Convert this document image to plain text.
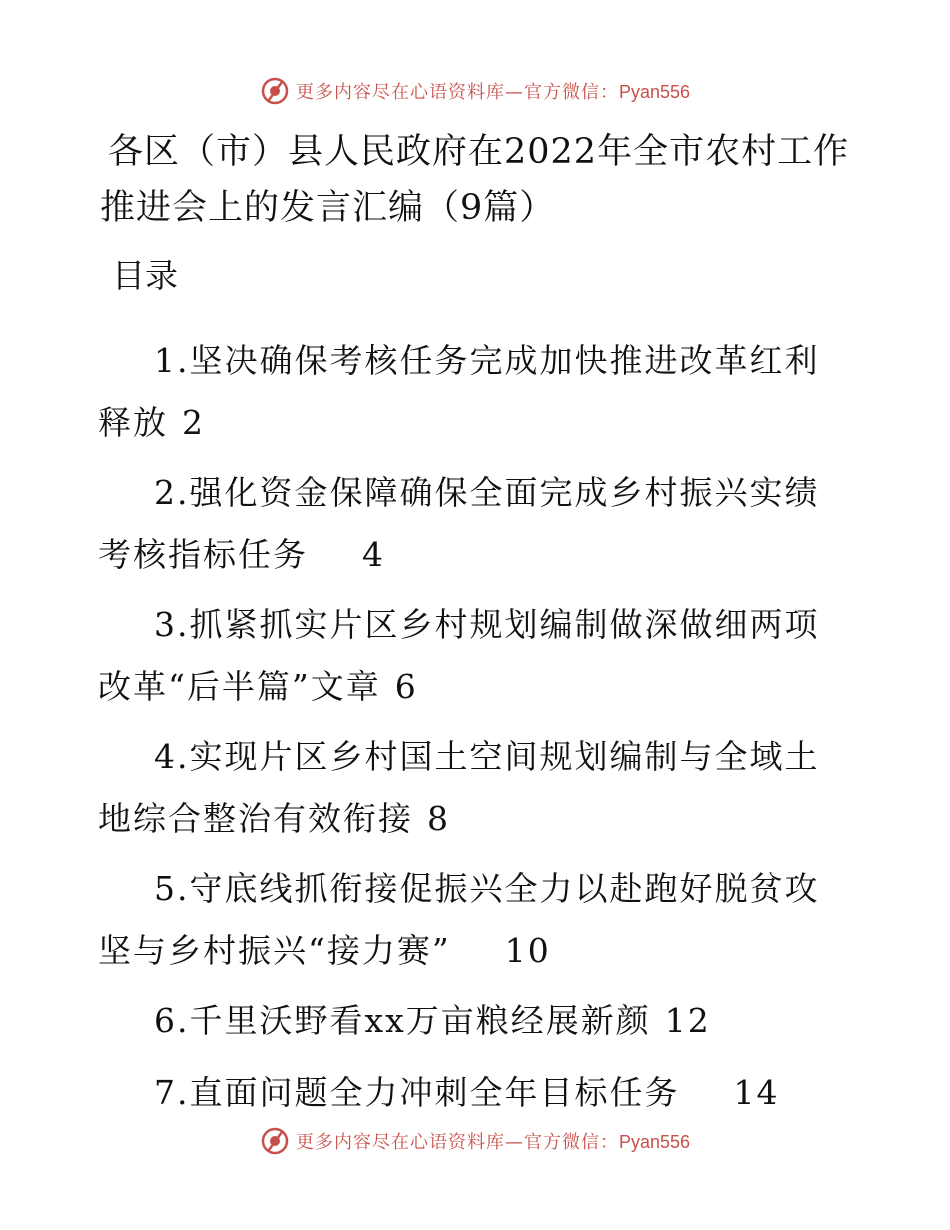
更多内容尽在心语资料库—官方微信：Pyan556
各区（市）县人民政府在2022年全市农村工作推进会上的发言汇编（9篇）
目录
1.坚决确保考核任务完成加快推进改革红利释放 2
2.强化资金保障确保全面完成乡村振兴实绩考核指标任务 4
3.抓紧抓实片区乡村规划编制做深做细两项改革“后半篇”文章 6
4.实现片区乡村国土空间规划编制与全域土地综合整治有效衔接 8
5.守底线抓衔接促振兴全力以赴跑好脱贫攻坚与乡村振兴“接力赛” 10
6.千里沃野看xx万亩粮经展新颜 12
7.直面问题全力冲刺全年目标任务 14
更多内容尽在心语资料库—官方微信：Pyan556
